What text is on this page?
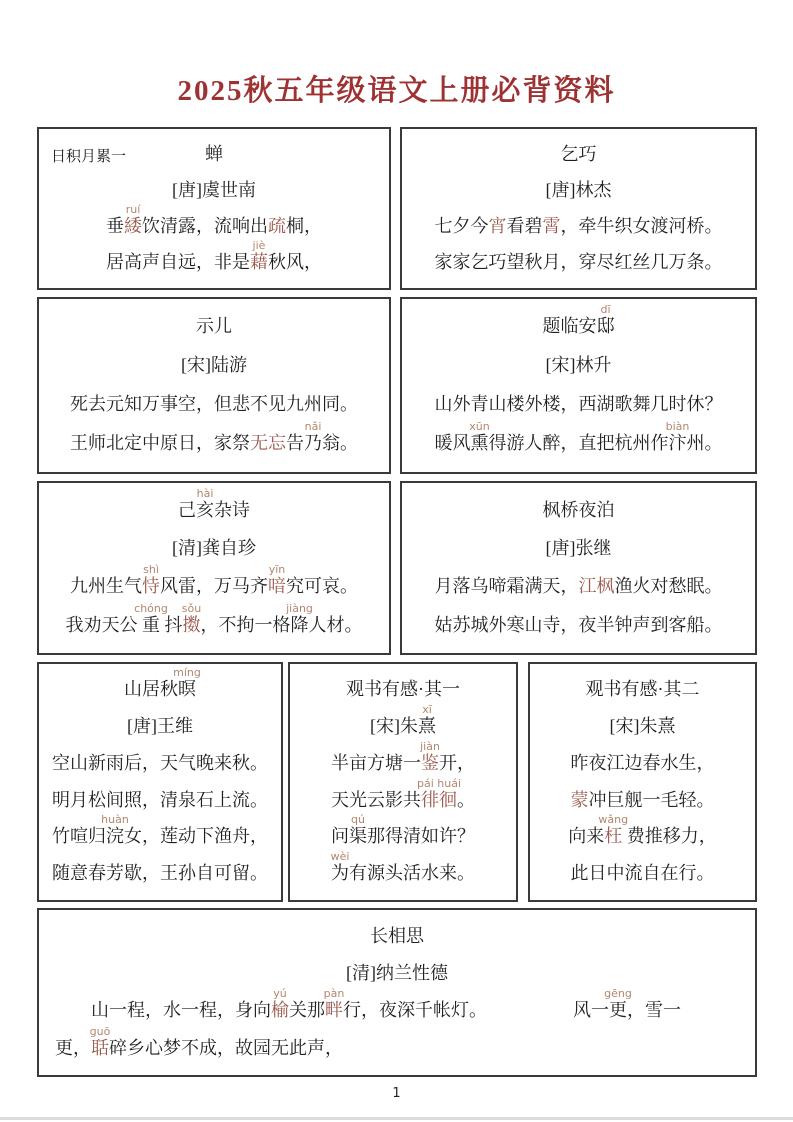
2025秋五年级语文上册必背资料
日积月累一	蝉
[唐]虞世南
垂緌
ruí
饮清露，流响出疏桐，
居高声自远，非是藉
jiè
秋风，
乞巧
[唐]林杰
七夕今宵看碧霄，牵牛织女渡河桥。
家家乞巧望秋月，穿尽红丝几万条。
示儿
[宋]陆游
死去元知万事空，但悲不见九州同。
王师北定中原日，家祭无忘告乃
nǎi
翁。
题临安邸
dī
[宋]林升
山外青山楼外楼，西湖歌舞几时休？
暖风熏
xūn
得游人醉，直把杭州作汴
biàn
州。
己亥
hài
杂诗
[清]龚自珍
九州生气恃
shì
风雷，万马齐喑
yīn
究可哀。
我劝天公 重
chóng
抖擞
sǒu
，不拘一格降
jiàng
人材。
枫桥夜泊
[唐]张继
月落乌啼霜满天，江枫渔火对愁眠。
姑苏城外寒山寺，夜半钟声到客船。
山居秋暝
míng
[唐]王维
空山新雨后，天气晚来秋。
明月松间照，清泉石上流。
竹喧归浣
huàn
女，莲动下渔舟，
随意春芳歇，王孙自可留。
观书有感·其一
[宋]朱熹
xī
半亩方塘一鉴
jiàn
开，
天光云影共徘徊
pái huái
。
问渠
qú
那得清如许？
为
wèi
有源头活水来。
观书有感·其二
[宋]朱熹
昨夜江边春水生，
蒙冲巨舰一毛轻。
向来枉
wǎng
费推移力，
此日中流自在行。
长相思
[清]纳兰性德
　　山一程，水一程，身向榆
yú
关那畔
pàn
行，夜深千帐灯。	风一更
gēng
，雪一
更，聒
guō
碎乡心梦不成，故园无此声，
1
